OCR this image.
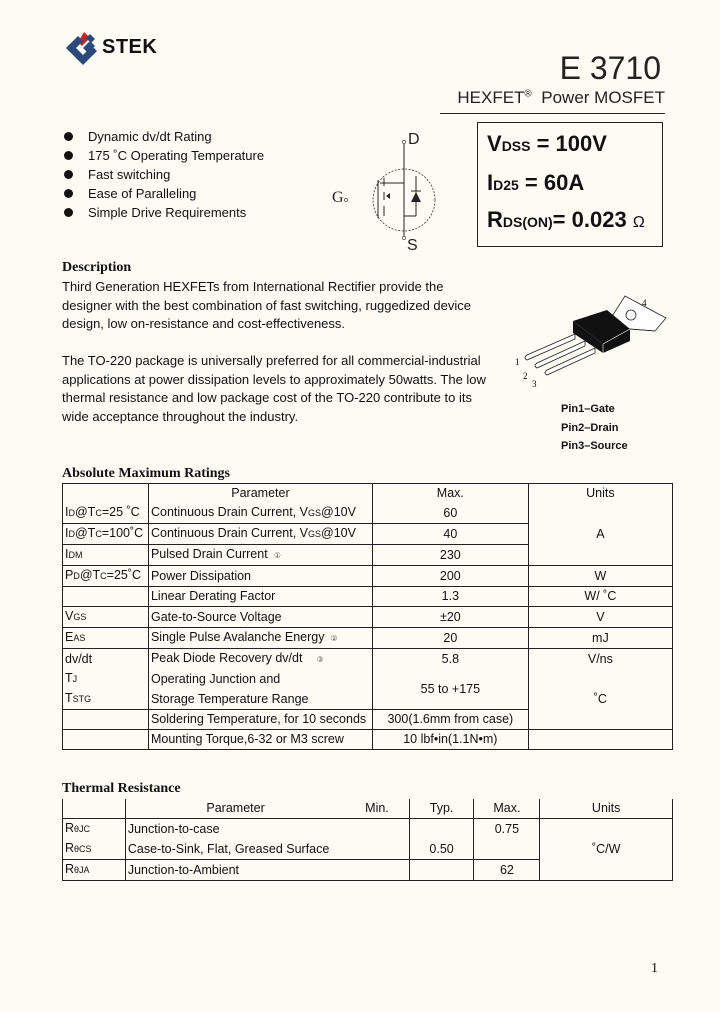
STEK
E 3710
HEXFET® Power MOSFET
Dynamic dv/dt Rating
175 ˚C Operating Temperature
Fast switching
Ease of Paralleling
Simple Drive Requirements
D
G
S
VDSS = 100V
ID25 = 60A
RDS(ON)= 0.023 Ω
Description
Third Generation HEXFETs from International Rectifier provide the designer with the best combination of fast switching, ruggedized device design, low on-resistance and cost-effectiveness.
The TO-220 package is universally preferred for all commercial-industrial applications at power dissipation levels to approximately 50watts. The low thermal resistance and low package cost of the TO-220 contribute to its wide acceptance throughout the industry.
1
2
3
4
Pin1–Gate
Pin2–Drain
Pin3–Source
Absolute Maximum Ratings
	Parameter	Max.	Units
ID@TC=25 ˚C	Continuous Drain Current, VGS@10V	60	A
ID@TC=100˚C	Continuous Drain Current, VGS@10V	40	
IDM	Pulsed Drain Current ①	230	
PD@TC=25˚C	Power Dissipation	200	W
	Linear Derating Factor	1.3	W/ ˚C
VGS	Gate-to-Source Voltage	±20	V
EAS	Single Pulse Avalanche Energy ②	20	mJ
dv/dt	Peak Diode Recovery dv/dt ③	5.8	V/ns
TJ	Operating Junction and	55 to +175	˚C
TSTG	Storage Temperature Range		
	Soldering Temperature, for 10 seconds	300(1.6mm from case)	
	Mounting Torque,6-32 or M3 screw	10 lbf•in(1.1N•m)	
Thermal Resistance
	Parameter	Min.	Typ.	Max.	Units
RθJC	Junction-to-case			0.75	˚C/W
RθCS	Case-to-Sink, Flat, Greased Surface		0.50		
RθJA	Junction-to-Ambient			62	
1
